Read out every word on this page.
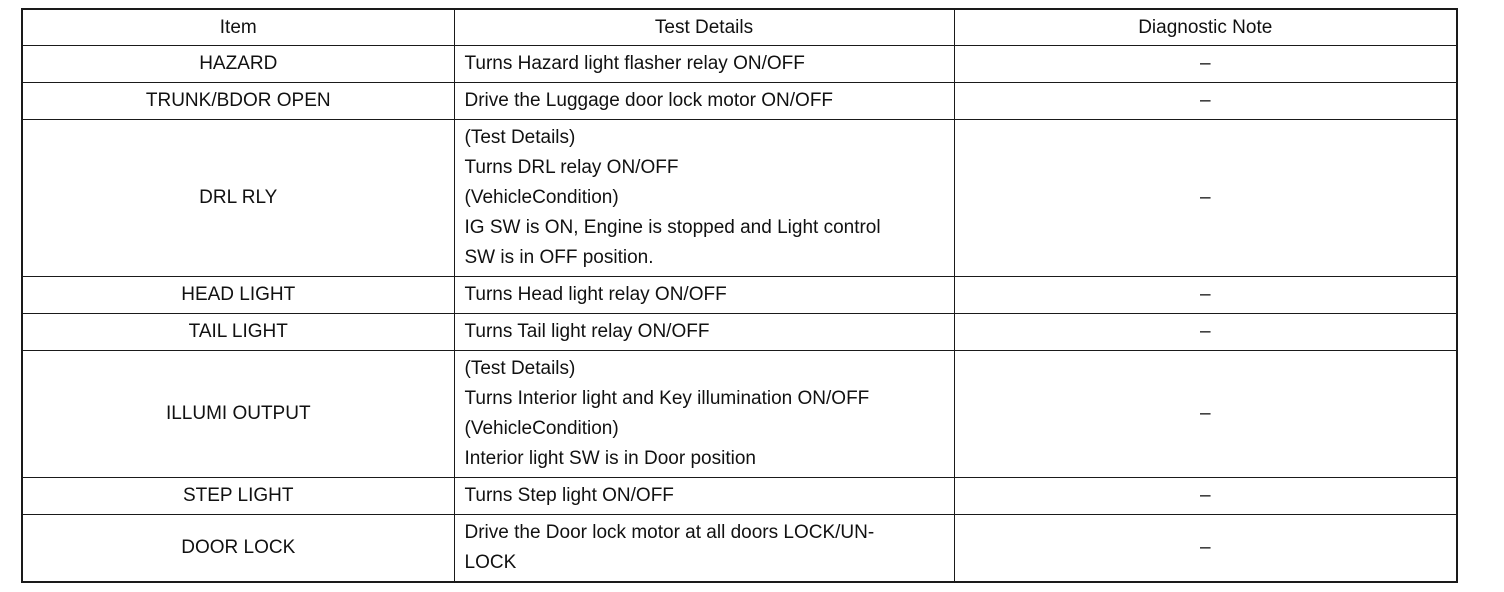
Item	Test Details	Diagnostic Note
HAZARD	Turns Hazard light flasher relay ON/OFF	–
TRUNK/BDOR OPEN	Drive the Luggage door lock motor ON/OFF	–
DRL RLY	(Test Details)
Turns DRL relay ON/OFF
(VehicleCondition)
IG SW is ON, Engine is stopped and Light control
SW is in OFF position.	–
HEAD LIGHT	Turns Head light relay ON/OFF	–
TAIL LIGHT	Turns Tail light relay ON/OFF	–
ILLUMI OUTPUT	(Test Details)
Turns Interior light and Key illumination ON/OFF
(VehicleCondition)
Interior light SW is in Door position	–
STEP LIGHT	Turns Step light ON/OFF	–
DOOR LOCK	Drive the Door lock motor at all doors LOCK/UN-
LOCK	–
